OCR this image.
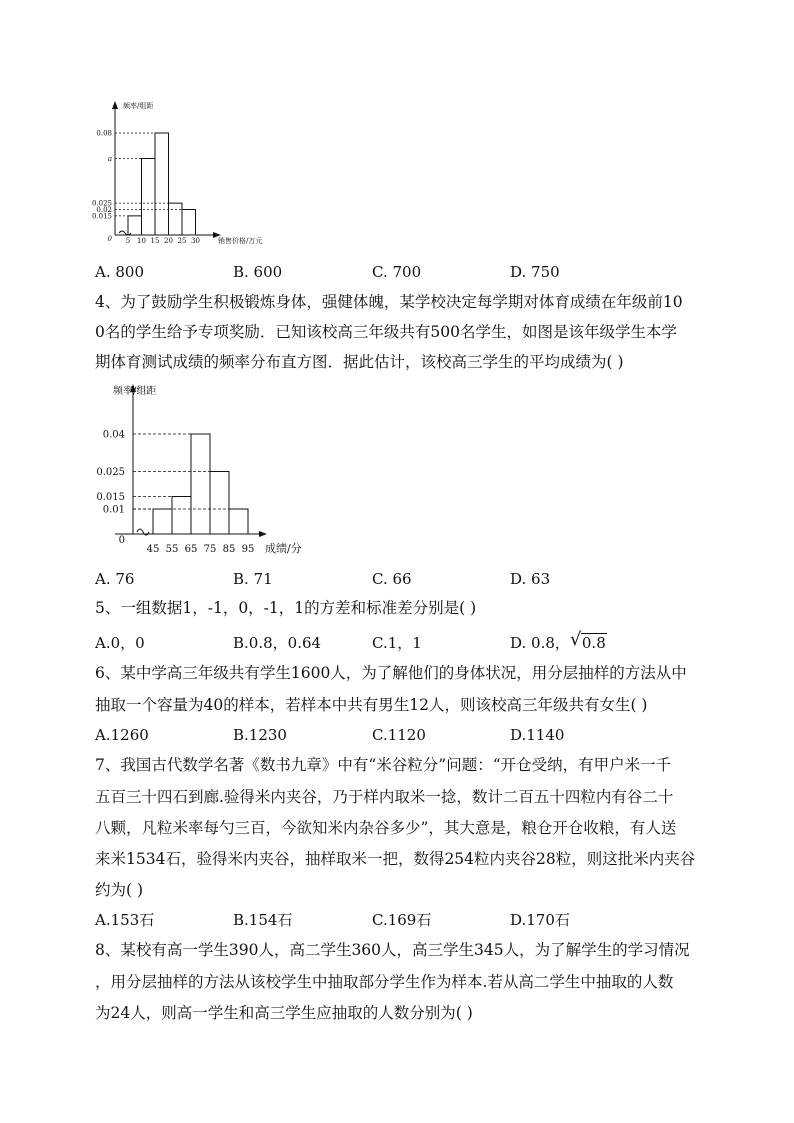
频率/组距
0.08
a
0.025
0.02
0.015
0 5 10 15 20 25 30	销售价格/万元
A. 800	B. 600	C. 700	D. 750
4、为了鼓励学生积极锻炼身体，强健体魄，某学校决定每学期对体育成绩在年级前10
0名的学生给予专项奖励．已知该校高三年级共有500名学生，如图是该年级学生本学
期体育测试成绩的频率分布直方图．据此估计，该校高三学生的平均成绩为( )
频率/组距
0.04
0.025
0.015
0.01
0
45 55 65 75 85 95 成绩/分
A. 76	B. 71	C. 66	D. 63
5、一组数据1，-1，0，-1，1的方差和标准差分别是( )
A.0，0	B.0.8，0.64	C.1，1	D. 0.8， √ 0.8
6、某中学高三年级共有学生1600人，为了解他们的身体状况，用分层抽样的方法从中
抽取一个容量为40的样本，若样本中共有男生12人，则该校高三年级共有女生( )
A.1260	B.1230	C.1120	D.1140
7、我国古代数学名著《数书九章》中有“米谷粒分”问题：“开仓受纳，有甲户米一千
五百三十四石到廊.验得米内夹谷，乃于样内取米一捻，数计二百五十四粒内有谷二十
八颗，凡粒米率每勺三百，今欲知米内杂谷多少”，其大意是，粮仓开仓收粮，有人送
来米1534石，验得米内夹谷，抽样取米一把，数得254粒内夹谷28粒，则这批米内夹谷
约为( )
A.153石	B.154石	C.169石	D.170石
8、某校有高一学生390人，高二学生360人，高三学生345人，为了解学生的学习情况
，用分层抽样的方法从该校学生中抽取部分学生作为样本.若从高二学生中抽取的人数
为24人，则高一学生和高三学生应抽取的人数分别为( )
